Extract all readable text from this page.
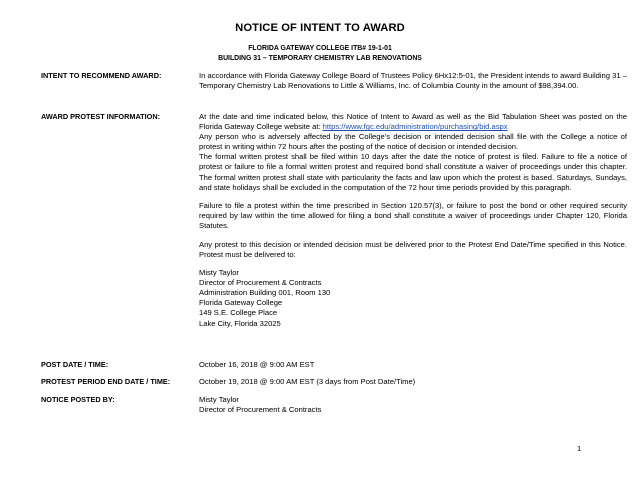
NOTICE OF INTENT TO AWARD
FLORIDA GATEWAY COLLEGE ITB# 19-1-01
BUILDING 31 – TEMPORARY CHEMISTRY LAB RENOVATIONS
INTENT TO RECOMMEND AWARD:	In accordance with Florida Gateway College Board of Trustees Policy 6Hx12:5-01, the President intends to award Building 31 – Temporary Chemistry Lab Renovations to Little & Williams, Inc. of Columbia County in the amount of $98,394.00.
AWARD PROTEST INFORMATION:	At the date and time indicated below, this Notice of Intent to Award as well as the Bid Tabulation Sheet was posted on the Florida Gateway College website at: https://www.fgc.edu/administration/purchasing/bid.aspx

Any person who is adversely affected by the College’s decision or intended decision shall file with the College a notice of protest in writing within 72 hours after the posting of the notice of decision or intended decision.

The formal written protest shall be filed within 10 days after the date the notice of protest is filed. Failure to file a notice of protest or failure to file a formal written protest and required bond shall constitute a waiver of proceedings under this chapter. The formal written protest shall state with particularity the facts and law upon which the protest is based. Saturdays, Sundays, and state holidays shall be excluded in the computation of the 72 hour time periods provided by this paragraph.

Failure to file a protest within the time prescribed in Section 120.57(3), or failure to post the bond or other required security required by law within the time allowed for filing a bond shall constitute a waiver of proceedings under Chapter 120, Florida Statutes.

Any protest to this decision or intended decision must be delivered prior to the Protest End Date/Time specified in this Notice. Protest must be delivered to:

Misty Taylor
Director of Procurement & Contracts
Administration Building 001, Room 130
Florida Gateway College
149 S.E. College Place
Lake City, Florida 32025
POST DATE / TIME:	October 16, 2018 @ 9:00 AM EST
PROTEST PERIOD END DATE / TIME:	October 19, 2018 @ 9:00 AM EST (3 days from Post Date/Time)
NOTICE POSTED BY:	Misty Taylor
Director of Procurement & Contracts
1
